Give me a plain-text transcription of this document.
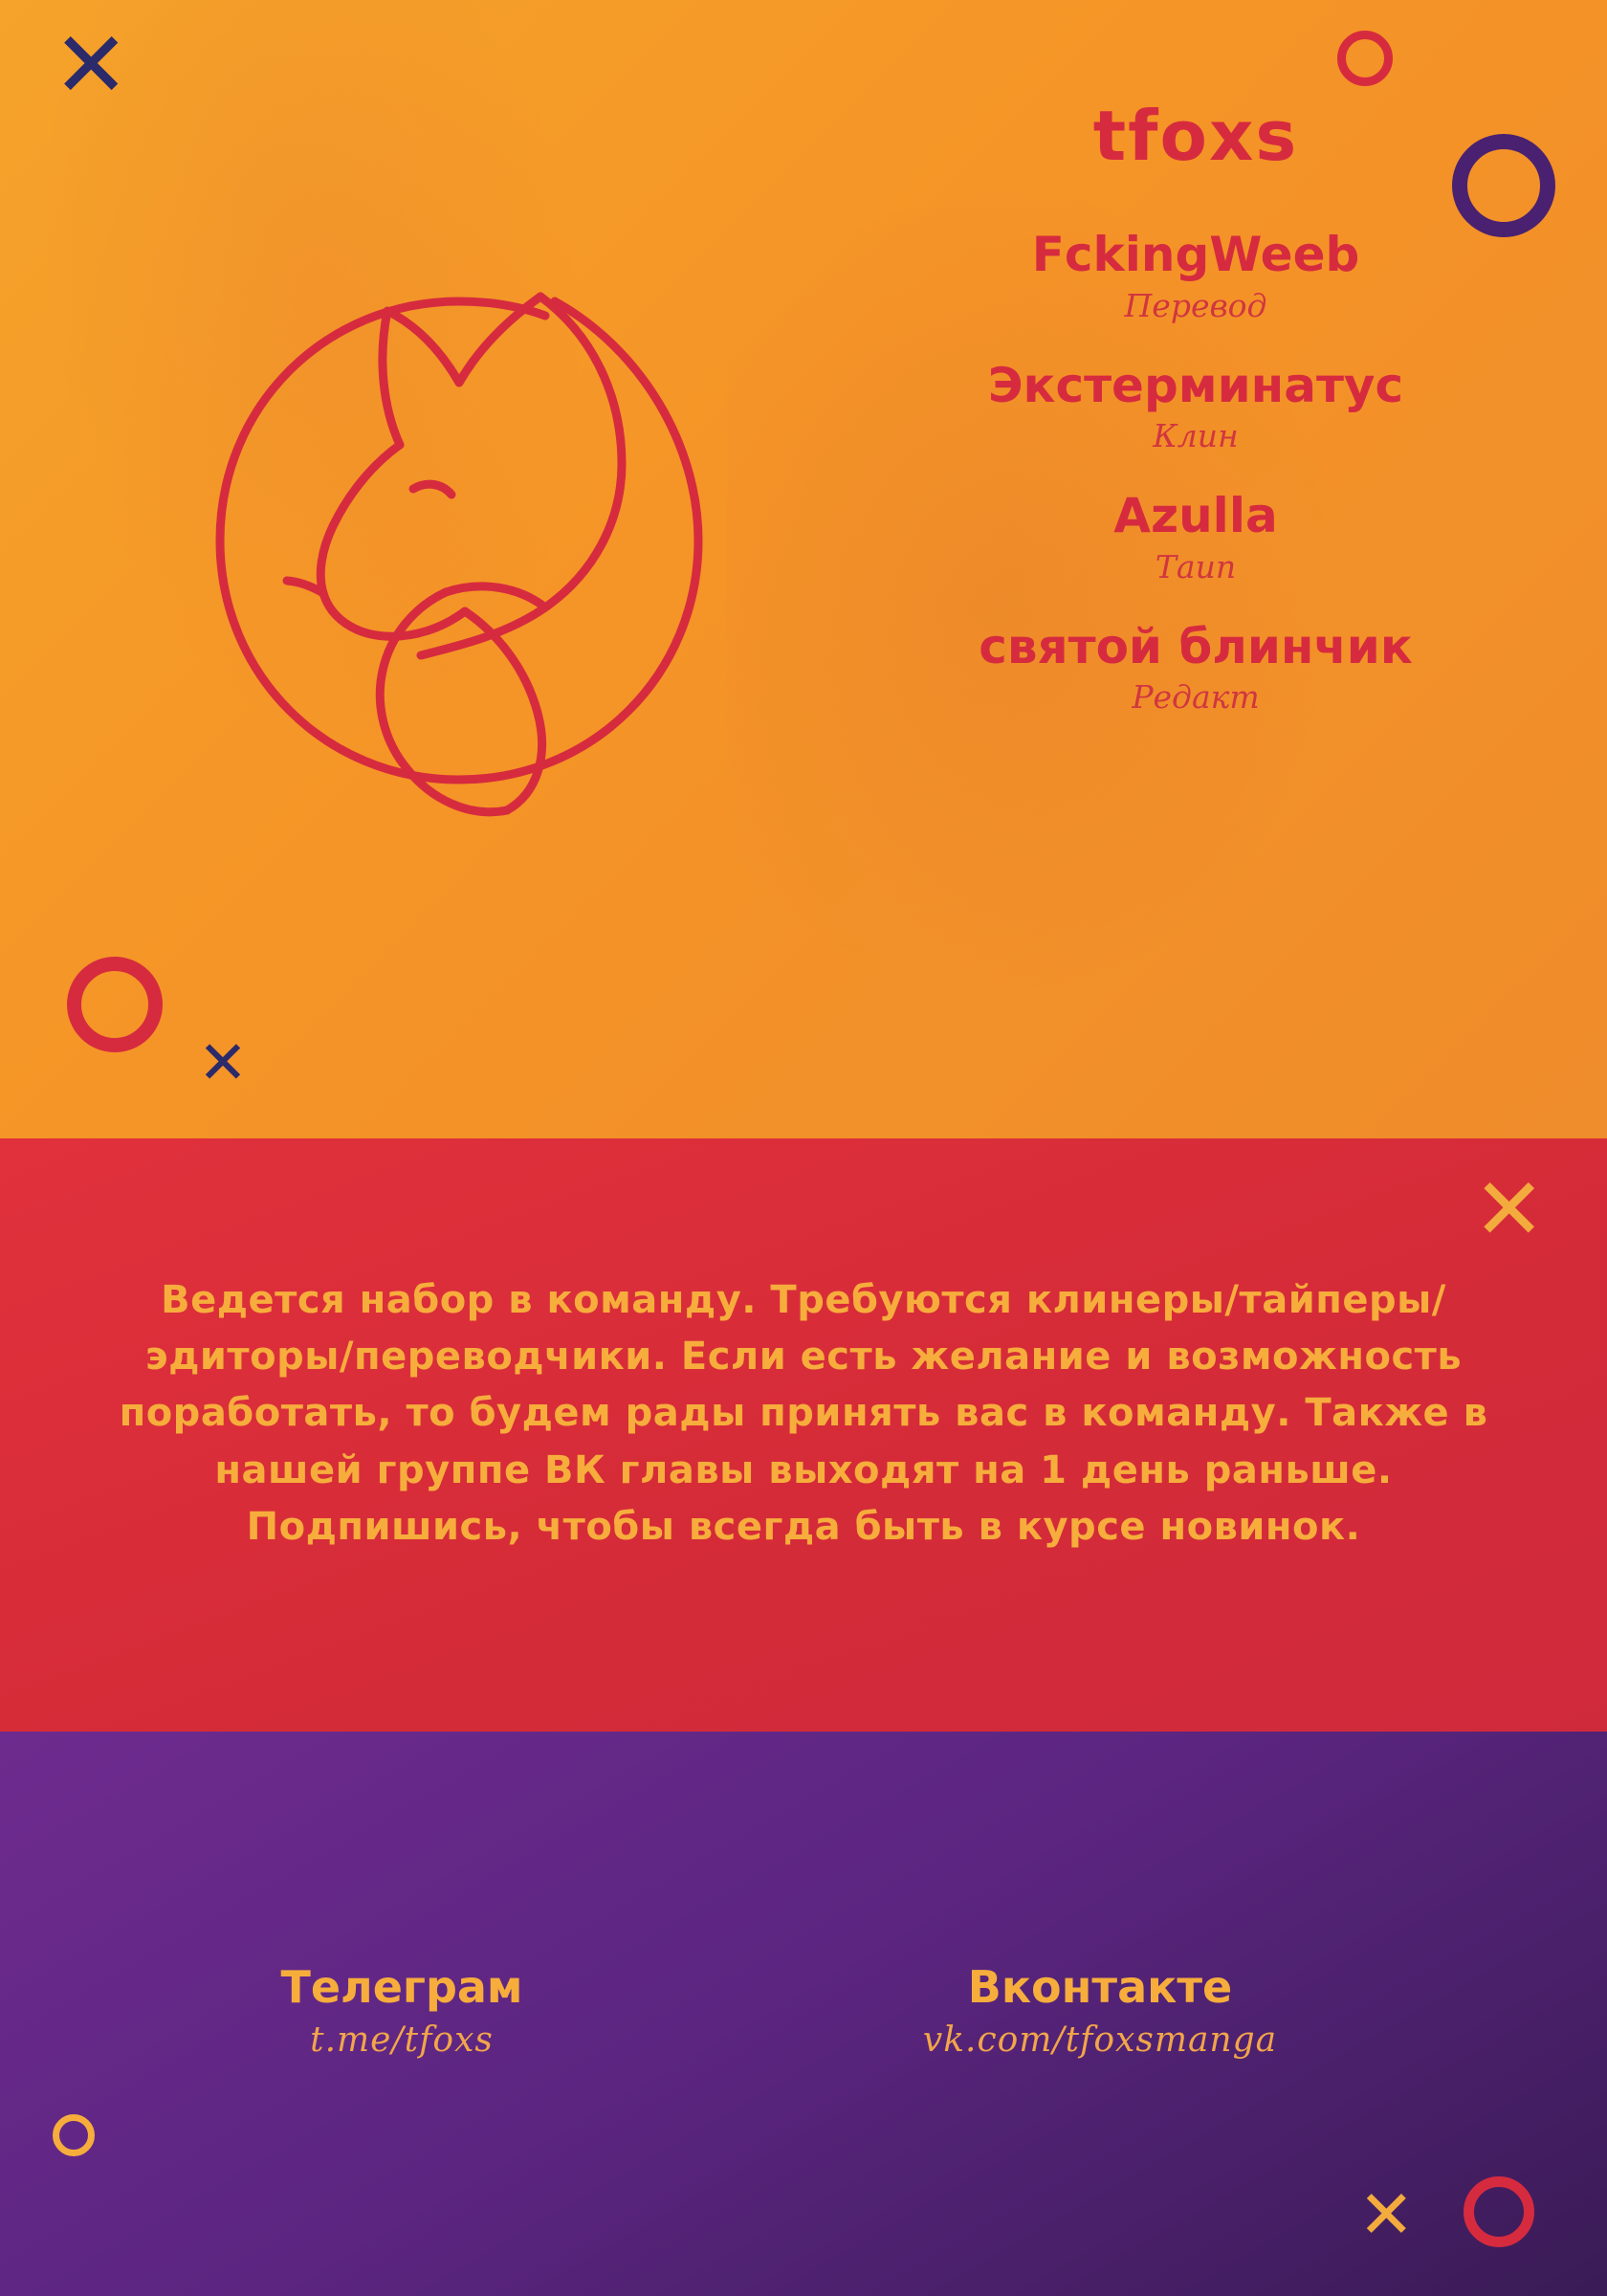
✕
✕
tfoxs
FckingWeeb
Перевод
Экстерминатус
Клин
Azulla
Таип
святой блинчик
Редакт
✕
Ведется набор в команду. Требуются клинеры/тайперы/эдиторы/переводчики. Если есть желание и возможность поработать, то будем рады принять вас в команду. Также в нашей группе ВК главы выходят на 1 день раньше. Подпишись, чтобы всегда быть в курсе новинок.
✕
Телеграм
t.me/tfoxs
Вконтакте
vk.com/tfoxsmanga
